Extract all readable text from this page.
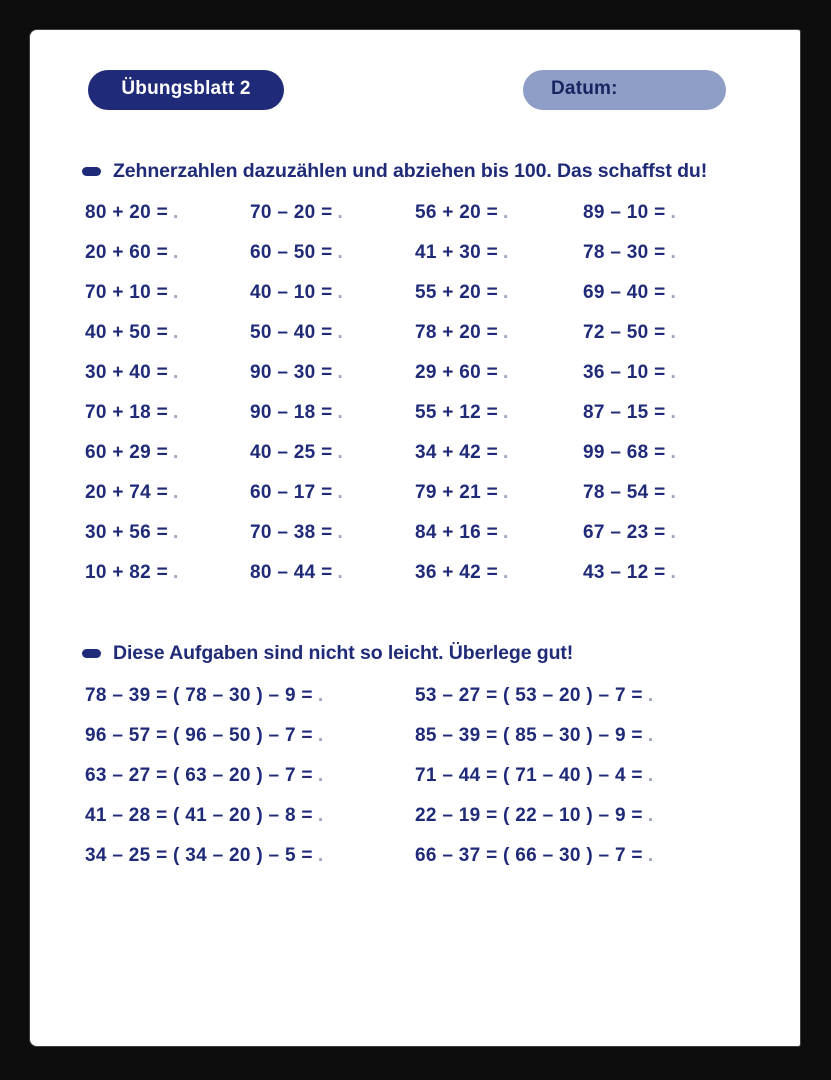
Übungsblatt 2	Datum:
Zehnerzahlen dazuzählen und abziehen bis 100. Das schaffst du!
80 + 20 = .	70 – 20 = .	56 + 20 = .	89 – 10 = .
20 + 60 = .	60 – 50 = .	41 + 30 = .	78 – 30 = .
70 + 10 = .	40 – 10 = .	55 + 20 = .	69 – 40 = .
40 + 50 = .	50 – 40 = .	78 + 20 = .	72 – 50 = .
30 + 40 = .	90 – 30 = .	29 + 60 = .	36 – 10 = .
70 + 18 = .	90 – 18 = .	55 + 12 = .	87 – 15 = .
60 + 29 = .	40 – 25 = .	34 + 42 = .	99 – 68 = .
20 + 74 = .	60 – 17 = .	79 + 21 = .	78 – 54 = .
30 + 56 = .	70 – 38 = .	84 + 16 = .	67 – 23 = .
10 + 82 = .	80 – 44 = .	36 + 42 = .	43 – 12 = .
Diese Aufgaben sind nicht so leicht. Überlege gut!
78 – 39 = ( 78 – 30 ) – 9 = .	53 – 27 = ( 53 – 20 ) – 7 = .
96 – 57 = ( 96 – 50 ) – 7 = .	85 – 39 = ( 85 – 30 ) – 9 = .
63 – 27 = ( 63 – 20 ) – 7 = .	71 – 44 = ( 71 – 40 ) – 4 = .
41 – 28 = ( 41 – 20 ) – 8 = .	22 – 19 = ( 22 – 10 ) – 9 = .
34 – 25 = ( 34 – 20 ) – 5 = .	66 – 37 = ( 66 – 30 ) – 7 = .
